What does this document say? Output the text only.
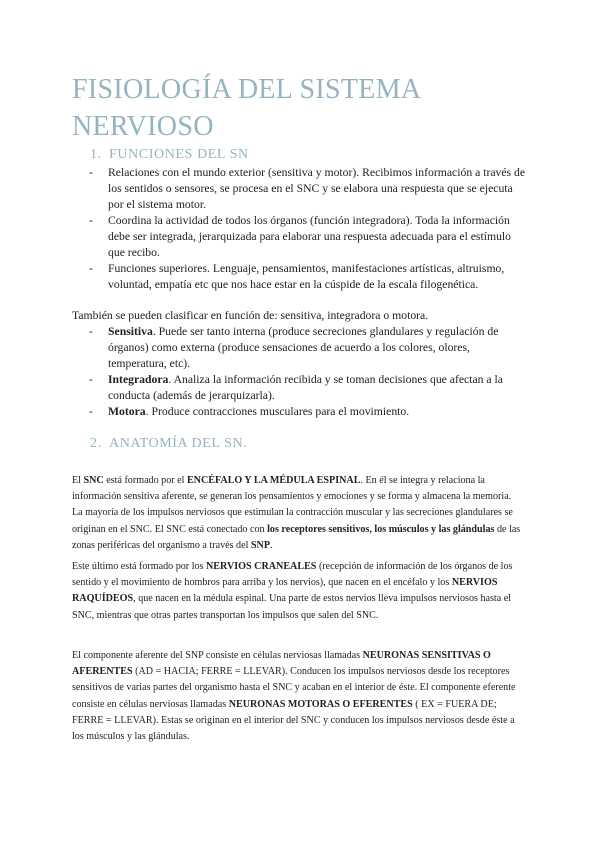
FISIOLOGÍA DEL SISTEMA NERVIOSO
1. FUNCIONES DEL SN
- Relaciones con el mundo exterior (sensitiva y motor). Recibimos información a través de los sentidos o sensores, se procesa en el SNC y se elabora una respuesta que se ejecuta por el sistema motor.
- Coordina la actividad de todos los órganos (función integradora). Toda la información debe ser integrada, jerarquizada para elaborar una respuesta adecuada para el estímulo que recibo.
- Funciones superiores. Lenguaje, pensamientos, manifestaciones artísticas, altruismo, voluntad, empatía etc que nos hace estar en la cúspide de la escala filogenética.

También se pueden clasificar en función de: sensitiva, integradora o motora.

- Sensitiva. Puede ser tanto interna (produce secreciones glandulares y regulación de órganos) como externa (produce sensaciones de acuerdo a los colores, olores, temperatura, etc).
- Integradora. Analiza la información recibida y se toman decisiones que afectan a la conducta (además de jerarquizarla).
- Motora. Produce contracciones musculares para el movimiento.
2. ANATOMÍA DEL SN.

El SNC está formado por el ENCÉFALO Y LA MÉDULA ESPINAL. En él se integra y relaciona la información sensitiva aferente, se generan los pensamientos y emociones y se forma y almacena la memoria. La mayoría de los impulsos nerviosos que estimulan la contracción muscular y las secreciones glandulares se originan en el SNC. El SNC está conectado con los receptores sensitivos, los músculos y las glándulas de las zonas periféricas del organismo a través del SNP.

Este último está formado por los NERVIOS CRANEALES (recepción de información de los órganos de los sentido y el movimiento de hombros para arriba y los nervios), que nacen en el encéfalo y los NERVIOS RAQUÍDEOS, que nacen en la médula espinal. Una parte de estos nervios lleva impulsos nerviosos hasta el SNC, mientras que otras partes transportan los impulsos que salen del SNC.

El componente aferente del SNP consiste en células nerviosas llamadas NEURONAS SENSITIVAS O AFERENTES (AD = HACIA; FERRE = LLEVAR). Conducen los impulsos nerviosos desde los receptores sensitivos de varias partes del organismo hasta el SNC y acaban en el interior de éste. El componente eferente consiste en células nerviosas llamadas NEURONAS MOTORAS O EFERENTES ( EX = FUERA DE; FERRE = LLEVAR). Estas se originan en el interior del SNC y conducen los impulsos nerviosos desde éste a los músculos y las glándulas.
